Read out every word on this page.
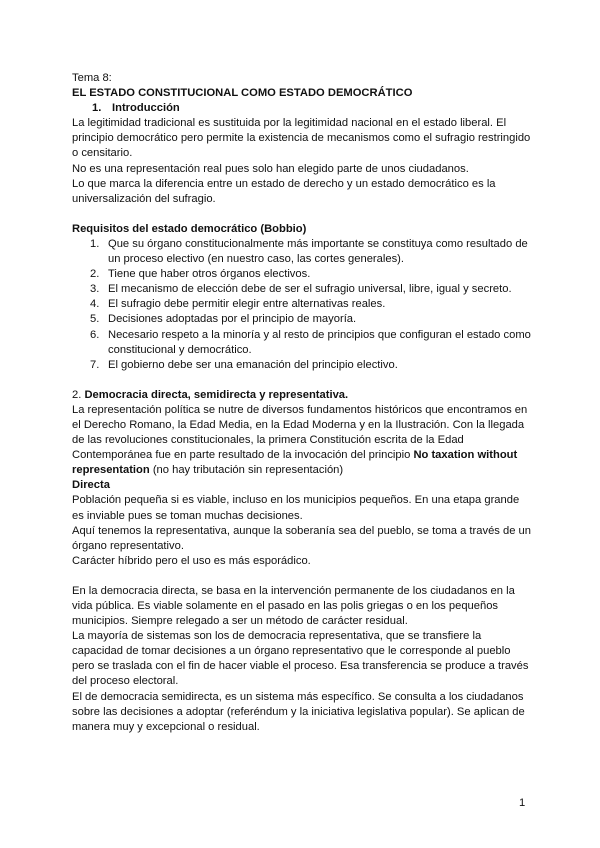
Tema 8:

EL ESTADO CONSTITUCIONAL COMO ESTADO DEMOCRÁTICO

1. Introducción

La legitimidad tradicional es sustituida por la legitimidad nacional en el estado liberal. El principio democrático pero permite la existencia de mecanismos como el sufragio restringido o censitario.

No es una representación real pues solo han elegido parte de unos ciudadanos.

Lo que marca la diferencia entre un estado de derecho y un estado democrático es la universalización del sufragio.

Requisitos del estado democrático (Bobbio)

1. Que su órgano constitucionalmente más importante se constituya como resultado de un proceso electivo (en nuestro caso, las cortes generales).
2. Tiene que haber otros órganos electivos.
3. El mecanismo de elección debe de ser el sufragio universal, libre, igual y secreto.
4. El sufragio debe permitir elegir entre alternativas reales.
5. Decisiones adoptadas por el principio de mayoría.
6. Necesario respeto a la minoría y al resto de principios que configuran el estado como constitucional y democrático.
7. El gobierno debe ser una emanación del principio electivo.

2. Democracia directa, semidirecta y representativa.

La representación política se nutre de diversos fundamentos históricos que encontramos en el Derecho Romano, la Edad Media, en la Edad Moderna y en la Ilustración. Con la llegada de las revoluciones constitucionales, la primera Constitución escrita de la Edad Contemporánea fue en parte resultado de la invocación del principio No taxation without representation (no hay tributación sin representación)

Directa

Población pequeña si es viable, incluso en los municipios pequeños. En una etapa grande es inviable pues se toman muchas decisiones.

Aquí tenemos la representativa, aunque la soberanía sea del pueblo, se toma a través de un órgano representativo.

Carácter híbrido pero el uso es más esporádico.

En la democracia directa, se basa en la intervención permanente de los ciudadanos en la vida pública. Es viable solamente en el pasado en las polis griegas o en los pequeños municipios. Siempre relegado a ser un método de carácter residual.

La mayoría de sistemas son los de democracia representativa, que se transfiere la capacidad de tomar decisiones a un órgano representativo que le corresponde al pueblo pero se traslada con el fin de hacer viable el proceso. Esa transferencia se produce a través del proceso electoral.

El de democracia semidirecta, es un sistema más específico. Se consulta a los ciudadanos sobre las decisiones a adoptar (referéndum y la iniciativa legislativa popular). Se aplican de manera muy y excepcional o residual.

1
